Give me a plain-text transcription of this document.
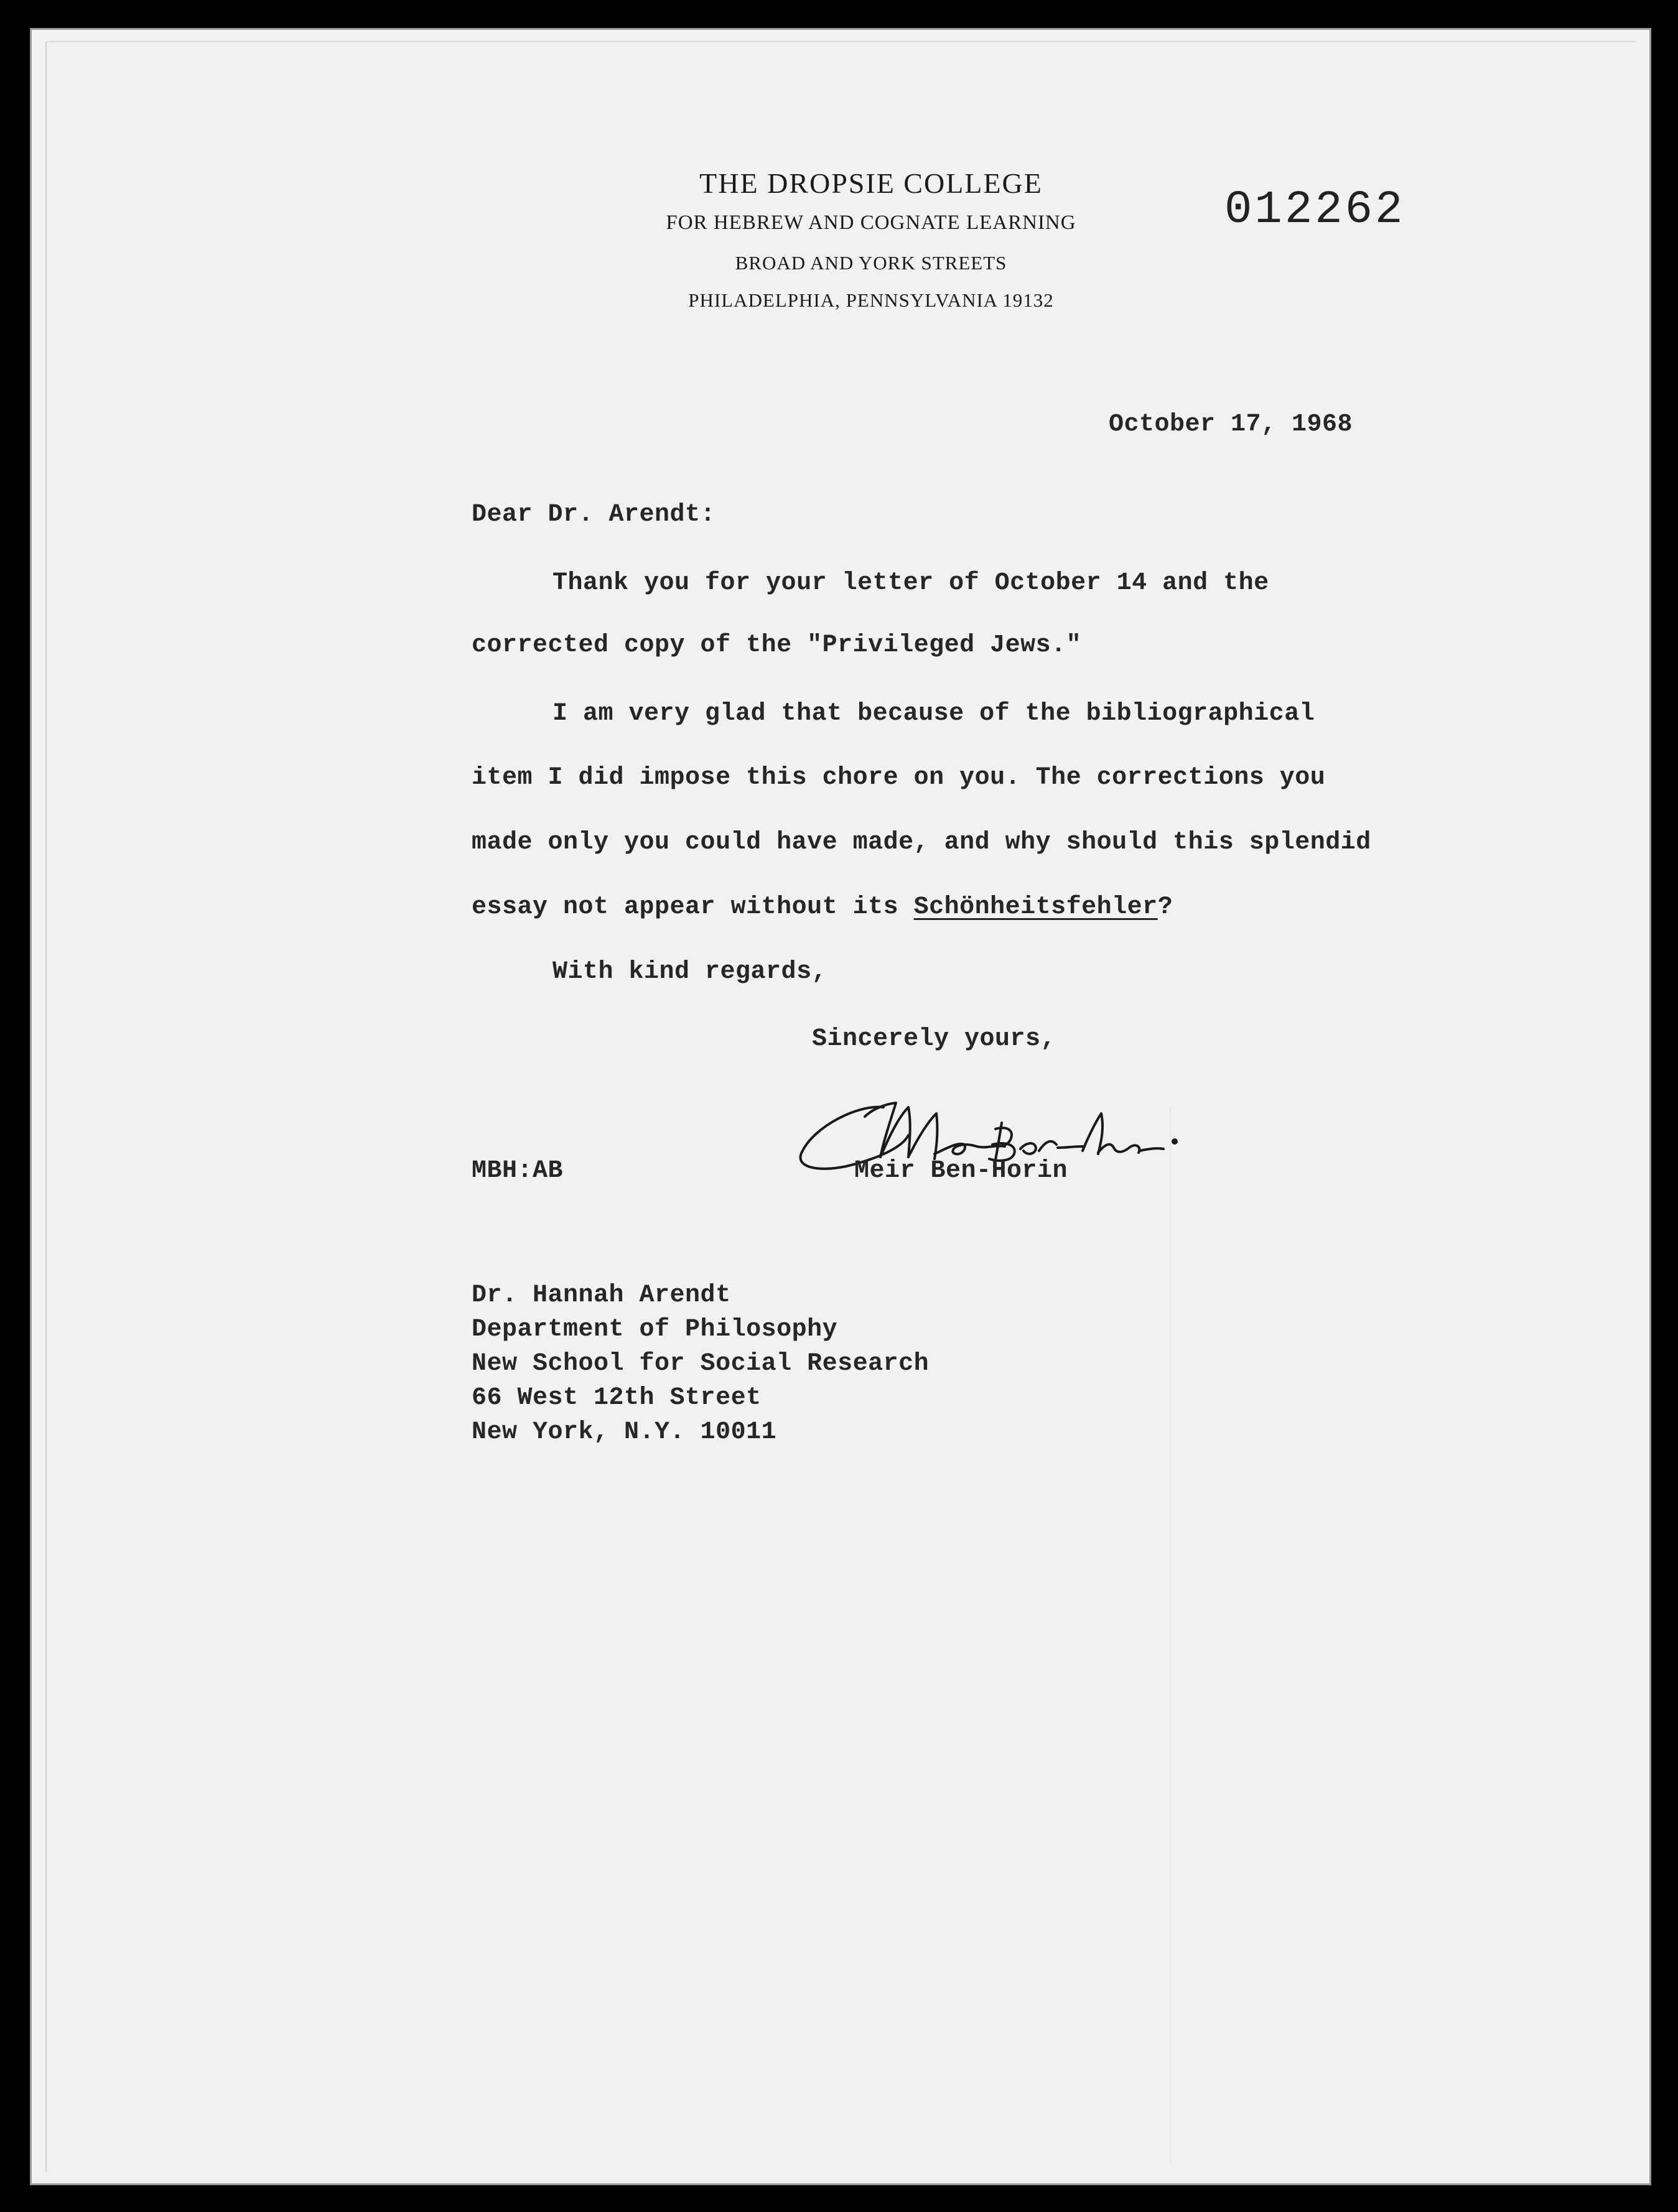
THE DROPSIE COLLEGE
FOR HEBREW AND COGNATE LEARNING
BROAD AND YORK STREETS
PHILADELPHIA, PENNSYLVANIA 19132
012262
October 17, 1968
Dear Dr. Arendt:
Thank you for your letter of October 14 and the
corrected copy of the "Privileged Jews."
I am very glad that because of the bibliographical
item I did impose this chore on you. The corrections you
made only you could have made, and why should this splendid
essay not appear without its Schönheitsfehler?
With kind regards,
Sincerely yours,
Meir Ben-Horin
MBH:AB
Dr. Hannah Arendt
Department of Philosophy
New School for Social Research
66 West 12th Street
New York, N.Y. 10011
